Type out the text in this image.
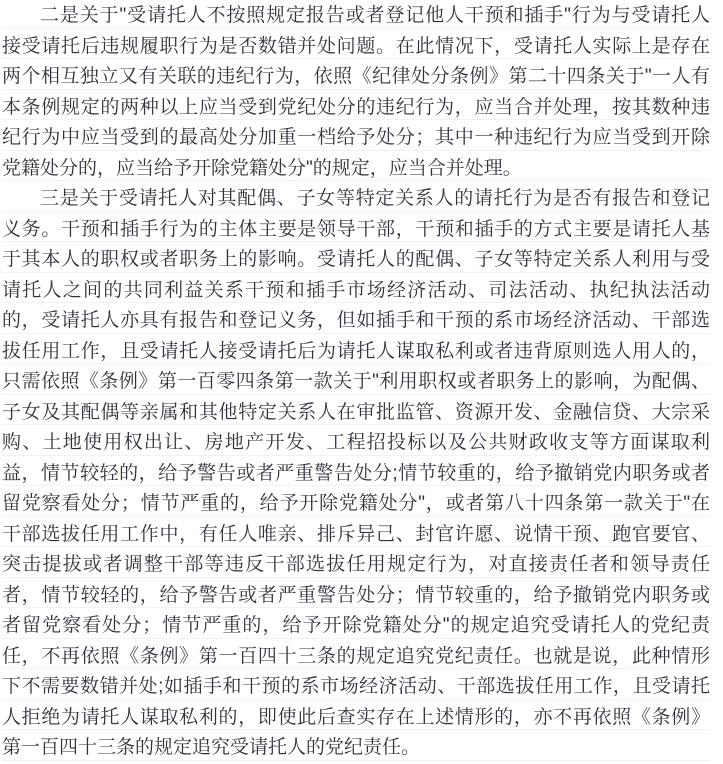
二是关于"受请托人不按照规定报告或者登记他人干预和插手"行为与受请托人
接受请托后违规履职行为是否数错并处问题。在此情况下，受请托人实际上是存在
两个相互独立又有关联的违纪行为，依照《纪律处分条例》第二十四条关于"一人有
本条例规定的两种以上应当受到党纪处分的违纪行为，应当合并处理，按其数种违
纪行为中应当受到的最高处分加重一档给予处分；其中一种违纪行为应当受到开除
党籍处分的，应当给予开除党籍处分"的规定，应当合并处理。
三是关于受请托人对其配偶、子女等特定关系人的请托行为是否有报告和登记
义务。干预和插手行为的主体主要是领导干部，干预和插手的方式主要是请托人基
于其本人的职权或者职务上的影响。受请托人的配偶、子女等特定关系人利用与受
请托人之间的共同利益关系干预和插手市场经济活动、司法活动、执纪执法活动
的，受请托人亦具有报告和登记义务，但如插手和干预的系市场经济活动、干部选
拔任用工作，且受请托人接受请托后为请托人谋取私利或者违背原则选人用人的，
只需依照《条例》第一百零四条第一款关于"利用职权或者职务上的影响，为配偶、
子女及其配偶等亲属和其他特定关系人在审批监管、资源开发、金融信贷、大宗采
购、土地使用权出让、房地产开发、工程招投标以及公共财政收支等方面谋取利
益，情节较轻的，给予警告或者严重警告处分;情节较重的，给予撤销党内职务或者
留党察看处分；情节严重的，给予开除党籍处分"，或者第八十四条第一款关于"在
干部选拔任用工作中，有任人唯亲、排斥异己、封官许愿、说情干预、跑官要官、
突击提拔或者调整干部等违反干部选拔任用规定行为，对直接责任者和领导责任
者，情节较轻的，给予警告或者严重警告处分；情节较重的，给予撤销党内职务或
者留党察看处分；情节严重的，给予开除党籍处分"的规定追究受请托人的党纪责
任，不再依照《条例》第一百四十三条的规定追究党纪责任。也就是说，此种情形
下不需要数错并处;如插手和干预的系市场经济活动、干部选拔任用工作，且受请托
人拒绝为请托人谋取私利的，即使此后查实存在上述情形的，亦不再依照《条例》
第一百四十三条的规定追究受请托人的党纪责任。
